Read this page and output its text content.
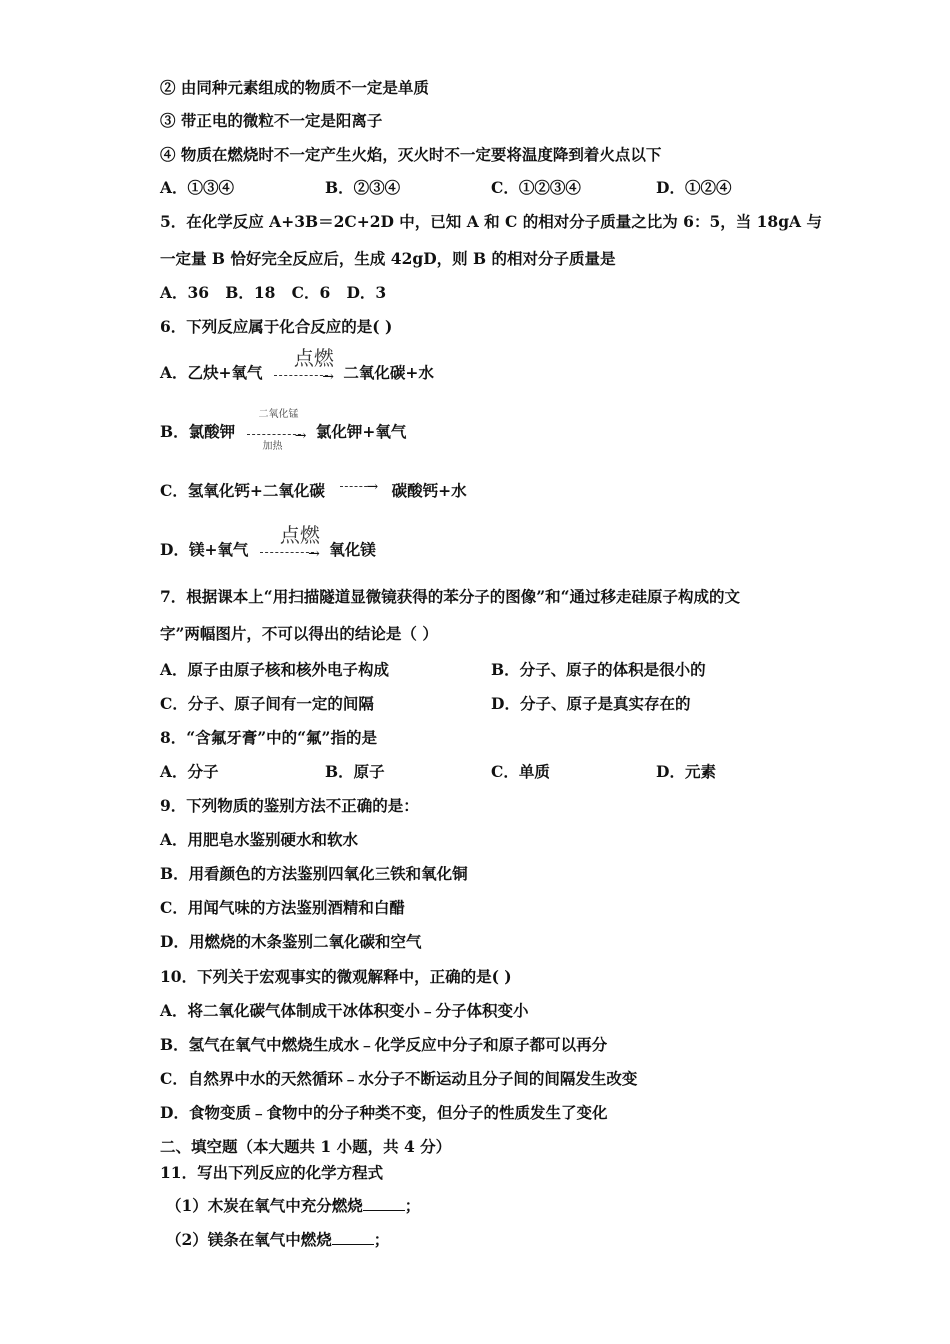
② 由同种元素组成的物质不一定是单质
③ 带正电的微粒不一定是阳离子
④ 物质在燃烧时不一定产生火焰，灭火时不一定要将温度降到着火点以下
A．①③④	B．②③④	C．①②③④	D．①②④
5．在化学反应 A+3B＝2C+2D 中，已知 A 和 C 的相对分子质量之比为 6：5，当 18gA 与
一定量 B 恰好完全反应后，生成 42gD，则 B 的相对分子质量是
A．36   B．18   C．6   D．3
6．下列反应属于化合反应的是( )
A．乙炔+氧气
点燃
→ 二氧化碳+水
B．氯酸钾
二氧化锰
→
加热
氯化钾+氧气
C．氢氧化钙+二氧化碳	→ 碳酸钙+水
D．镁+氧气
点燃
→ 氧化镁
7．根据课本上“用扫描隧道显微镜获得的苯分子的图像”和“通过移走硅原子构成的文
字”两幅图片，不可以得出的结论是（ ）
A．原子由原子核和核外电子构成	B．分子、原子的体积是很小的
C．分子、原子间有一定的间隔	D．分子、原子是真实存在的
8．“含氟牙膏”中的“氟”指的是
A．分子	B．原子	C．单质	D．元素
9．下列物质的鉴别方法不正确的是：
A．用肥皂水鉴别硬水和软水
B．用看颜色的方法鉴别四氧化三铁和氧化铜
C．用闻气味的方法鉴别酒精和白醋
D．用燃烧的木条鉴别二氧化碳和空气
10．下列关于宏观事实的微观解释中，正确的是( )
A．将二氧化碳气体制成干冰体积变小﹣分子体积变小
B．氢气在氧气中燃烧生成水﹣化学反应中分子和原子都可以再分
C．自然界中水的天然循环﹣水分子不断运动且分子间的间隔发生改变
D．食物变质﹣食物中的分子种类不变，但分子的性质发生了变化
二、填空题（本大题共 1 小题，共 4 分）
11．写出下列反应的化学方程式
（1）木炭在氧气中充分燃烧	；
（2）镁条在氧气中燃烧	；
